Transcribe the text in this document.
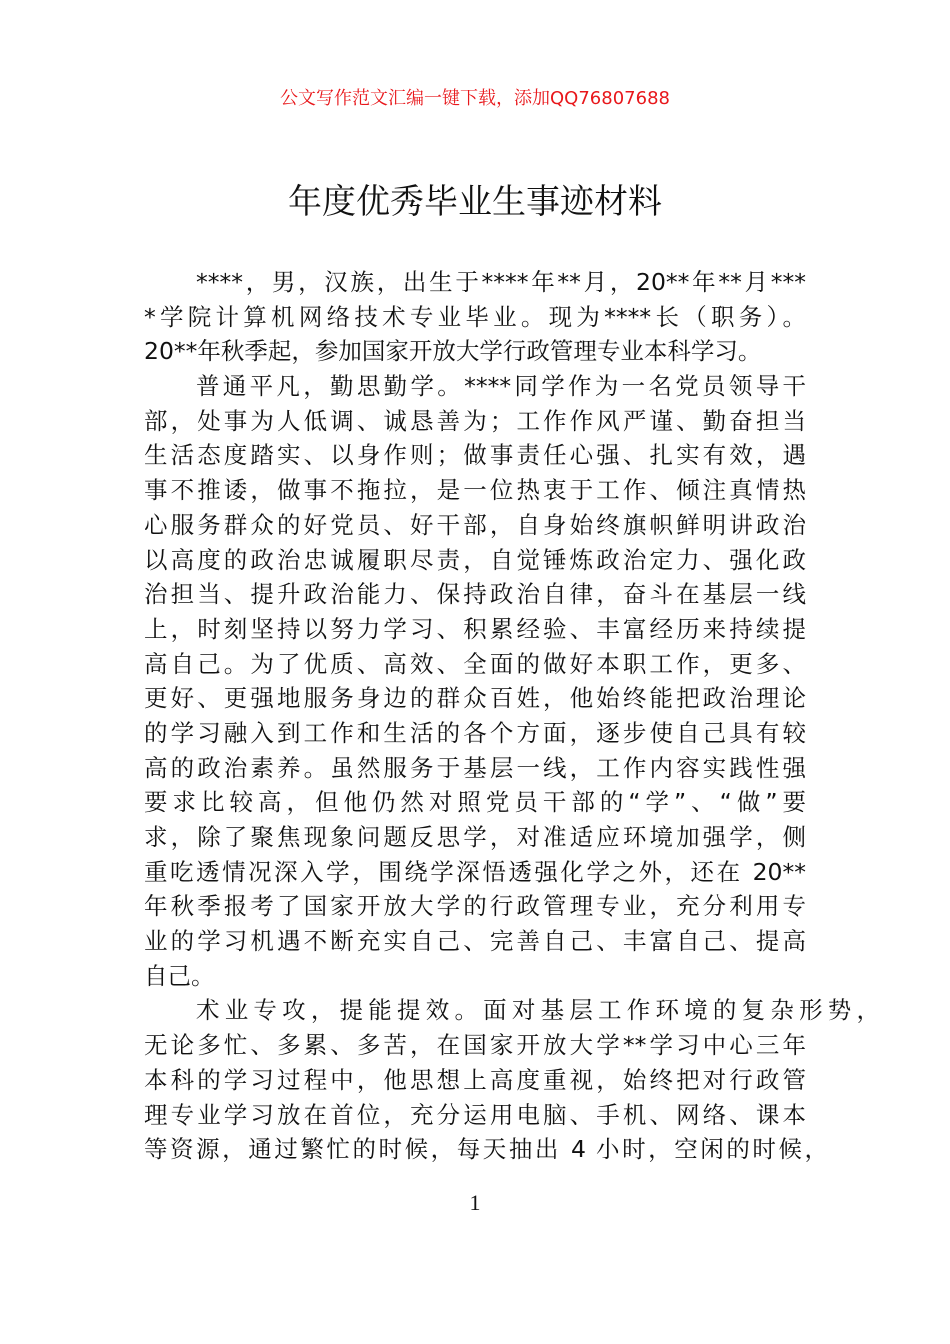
公文写作范文汇编一键下载，添加QQ76807688
年度优秀毕业生事迹材料
****，男，汉族，出生于****年**月，20**年**月***
*学院计算机网络技术专业毕业。现为****长（职务）。
20**年秋季起，参加国家开放大学行政管理专业本科学习。
普通平凡，勤思勤学。****同学作为一名党员领导干
部，处事为人低调、诚恳善为；工作作风严谨、勤奋担当
生活态度踏实、以身作则；做事责任心强、扎实有效，遇
事不推诿，做事不拖拉，是一位热衷于工作、倾注真情热
心服务群众的好党员、好干部，自身始终旗帜鲜明讲政治
以高度的政治忠诚履职尽责，自觉锤炼政治定力、强化政
治担当、提升政治能力、保持政治自律，奋斗在基层一线
上，时刻坚持以努力学习、积累经验、丰富经历来持续提
高自己。为了优质、高效、全面的做好本职工作，更多、
更好、更强地服务身边的群众百姓，他始终能把政治理论
的学习融入到工作和生活的各个方面，逐步使自己具有较
高的政治素养。虽然服务于基层一线，工作内容实践性强
要求比较高，但他仍然对照党员干部的“学”、“做”要
求，除了聚焦现象问题反思学，对准适应环境加强学，侧
重吃透情况深入学，围绕学深悟透强化学之外，还在 20**
年秋季报考了国家开放大学的行政管理专业，充分利用专
业的学习机遇不断充实自己、完善自己、丰富自己、提高
自己。
术业专攻，提能提效。面对基层工作环境的复杂形势，
无论多忙、多累、多苦，在国家开放大学**学习中心三年
本科的学习过程中，他思想上高度重视，始终把对行政管
理专业学习放在首位，充分运用电脑、手机、网络、课本
等资源，通过繁忙的时候，每天抽出 4 小时，空闲的时候，
1
